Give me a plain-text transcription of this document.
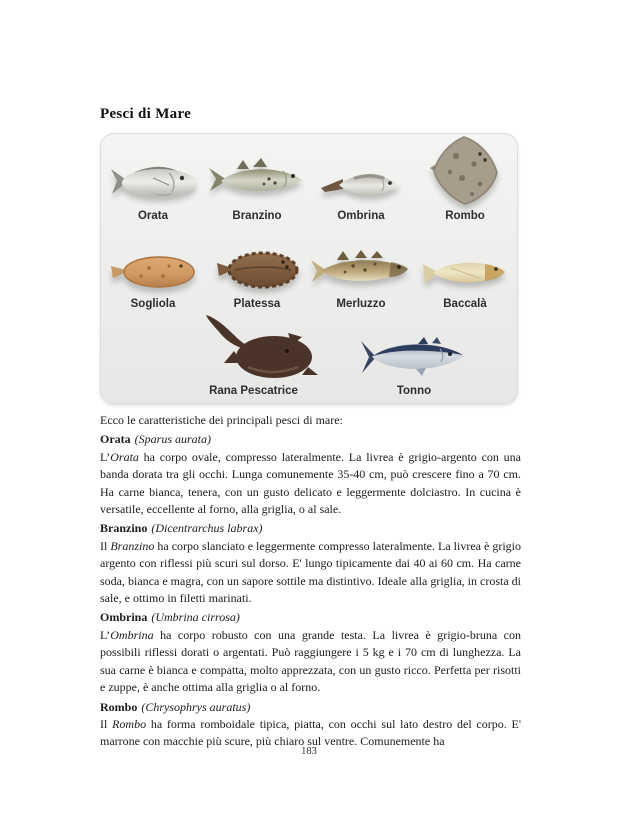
Pesci di Mare
Orata	Branzino	Ombrina	Rombo
Sogliola	Platessa	Merluzzo	Baccalà
Rana Pescatrice	Tonno

Ecco le caratteristiche dei principali pesci di mare:

Orata (Sparus aurata)

L’Orata ha corpo ovale, compresso lateralmente. La livrea è grigio-argento con una banda dorata tra gli occhi. Lunga comunemente 35-40 cm, può crescere fino a 70 cm. Ha carne bianca, tenera, con un gusto delicato e leggermente dolciastro. In cucina è versatile, eccellente al forno, alla griglia, o al sale.

Branzino (Dicentrarchus labrax)

Il Branzino ha corpo slanciato e leggermente compresso lateralmente. La livrea è grigio argento con riflessi più scuri sul dorso. E' lungo tipicamente dai 40 ai 60 cm. Ha carne soda, bianca e magra, con un sapore sottile ma distintivo. Ideale alla griglia, in crosta di sale, e ottimo in filetti marinati.

Ombrina (Umbrina cirrosa)

L’Ombrina ha corpo robusto con una grande testa. La livrea è grigio-bruna con possibili riflessi dorati o argentati. Può raggiungere i 5 kg e i 70 cm di lunghezza. La sua carne è bianca e compatta, molto apprezzata, con un gusto ricco. Perfetta per risotti e zuppe, è anche ottima alla griglia o al forno.

Rombo (Chrysophrys auratus)

Il Rombo ha forma romboidale tipica, piatta, con occhi sul lato destro del corpo. E' marrone con macchie più scure, più chiaro sul ventre. Comunemente ha

183
